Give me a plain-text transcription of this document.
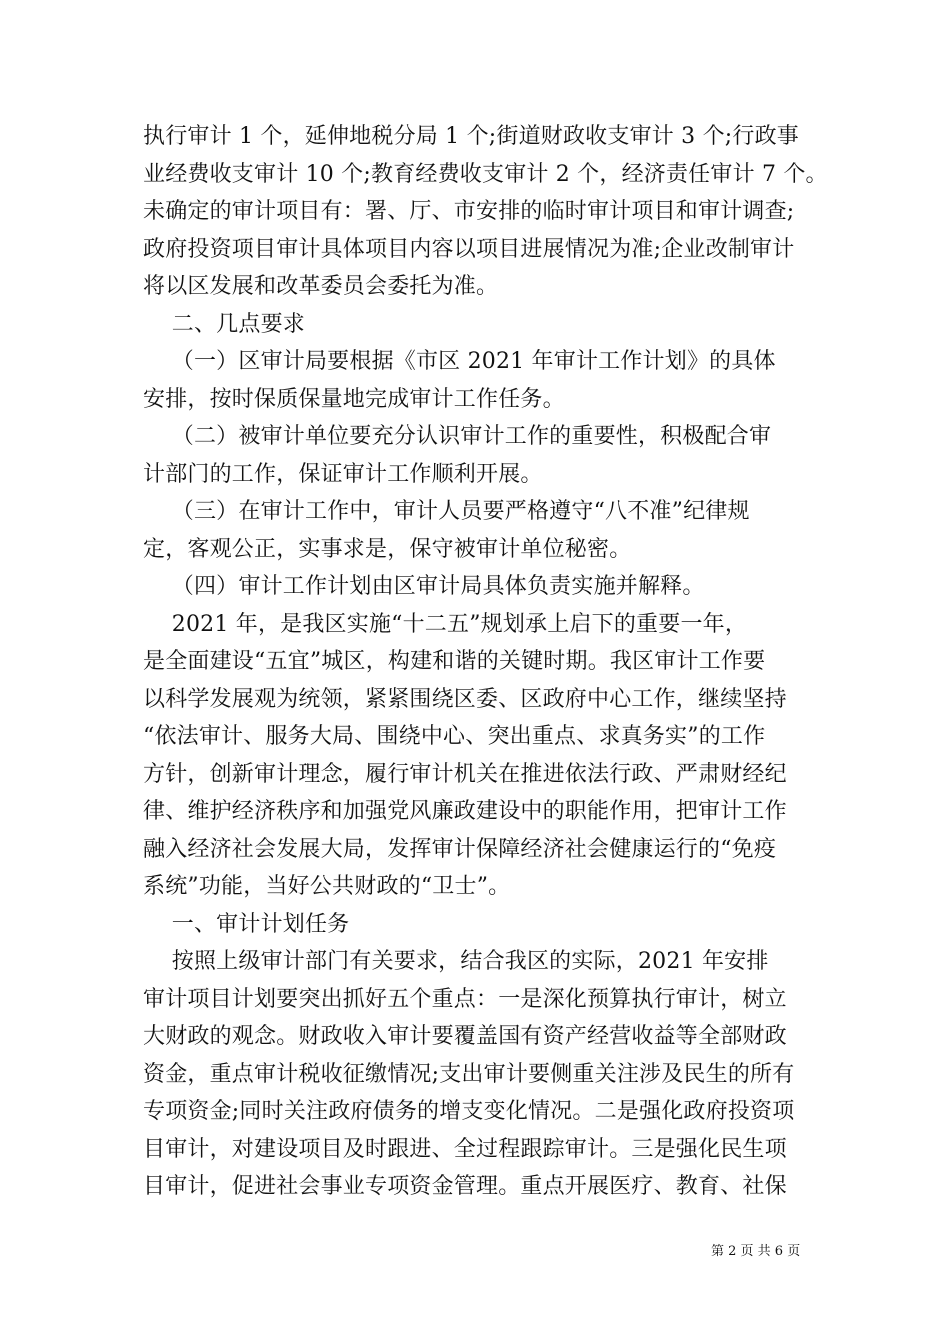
执行审计 1 个，延伸地税分局 1 个;街道财政收支审计 3 个;行政事
业经费收支审计 10 个;教育经费收支审计 2 个，经济责任审计 7 个。
未确定的审计项目有：署、厅、市安排的临时审计项目和审计调查;
政府投资项目审计具体项目内容以项目进展情况为准;企业改制审计
将以区发展和改革委员会委托为准。
二、几点要求
（一）区审计局要根据《市区 2021 年审计工作计划》的具体
安排，按时保质保量地完成审计工作任务。
（二）被审计单位要充分认识审计工作的重要性，积极配合审
计部门的工作，保证审计工作顺利开展。
（三）在审计工作中，审计人员要严格遵守“八不准”纪律规
定，客观公正，实事求是，保守被审计单位秘密。
（四）审计工作计划由区审计局具体负责实施并解释。
2021 年，是我区实施“十二五”规划承上启下的重要一年，
是全面建设“五宜”城区，构建和谐的关键时期。我区审计工作要
以科学发展观为统领，紧紧围绕区委、区政府中心工作，继续坚持
“依法审计、服务大局、围绕中心、突出重点、求真务实”的工作
方针，创新审计理念，履行审计机关在推进依法行政、严肃财经纪
律、维护经济秩序和加强党风廉政建设中的职能作用，把审计工作
融入经济社会发展大局，发挥审计保障经济社会健康运行的“免疫
系统”功能，当好公共财政的“卫士”。
一、审计计划任务
按照上级审计部门有关要求，结合我区的实际，2021 年安排
审计项目计划要突出抓好五个重点：一是深化预算执行审计，树立
大财政的观念。财政收入审计要覆盖国有资产经营收益等全部财政
资金，重点审计税收征缴情况;支出审计要侧重关注涉及民生的所有
专项资金;同时关注政府债务的增支变化情况。二是强化政府投资项
目审计，对建设项目及时跟进、全过程跟踪审计。三是强化民生项
目审计，促进社会事业专项资金管理。重点开展医疗、教育、社保
第 2 页 共 6 页
